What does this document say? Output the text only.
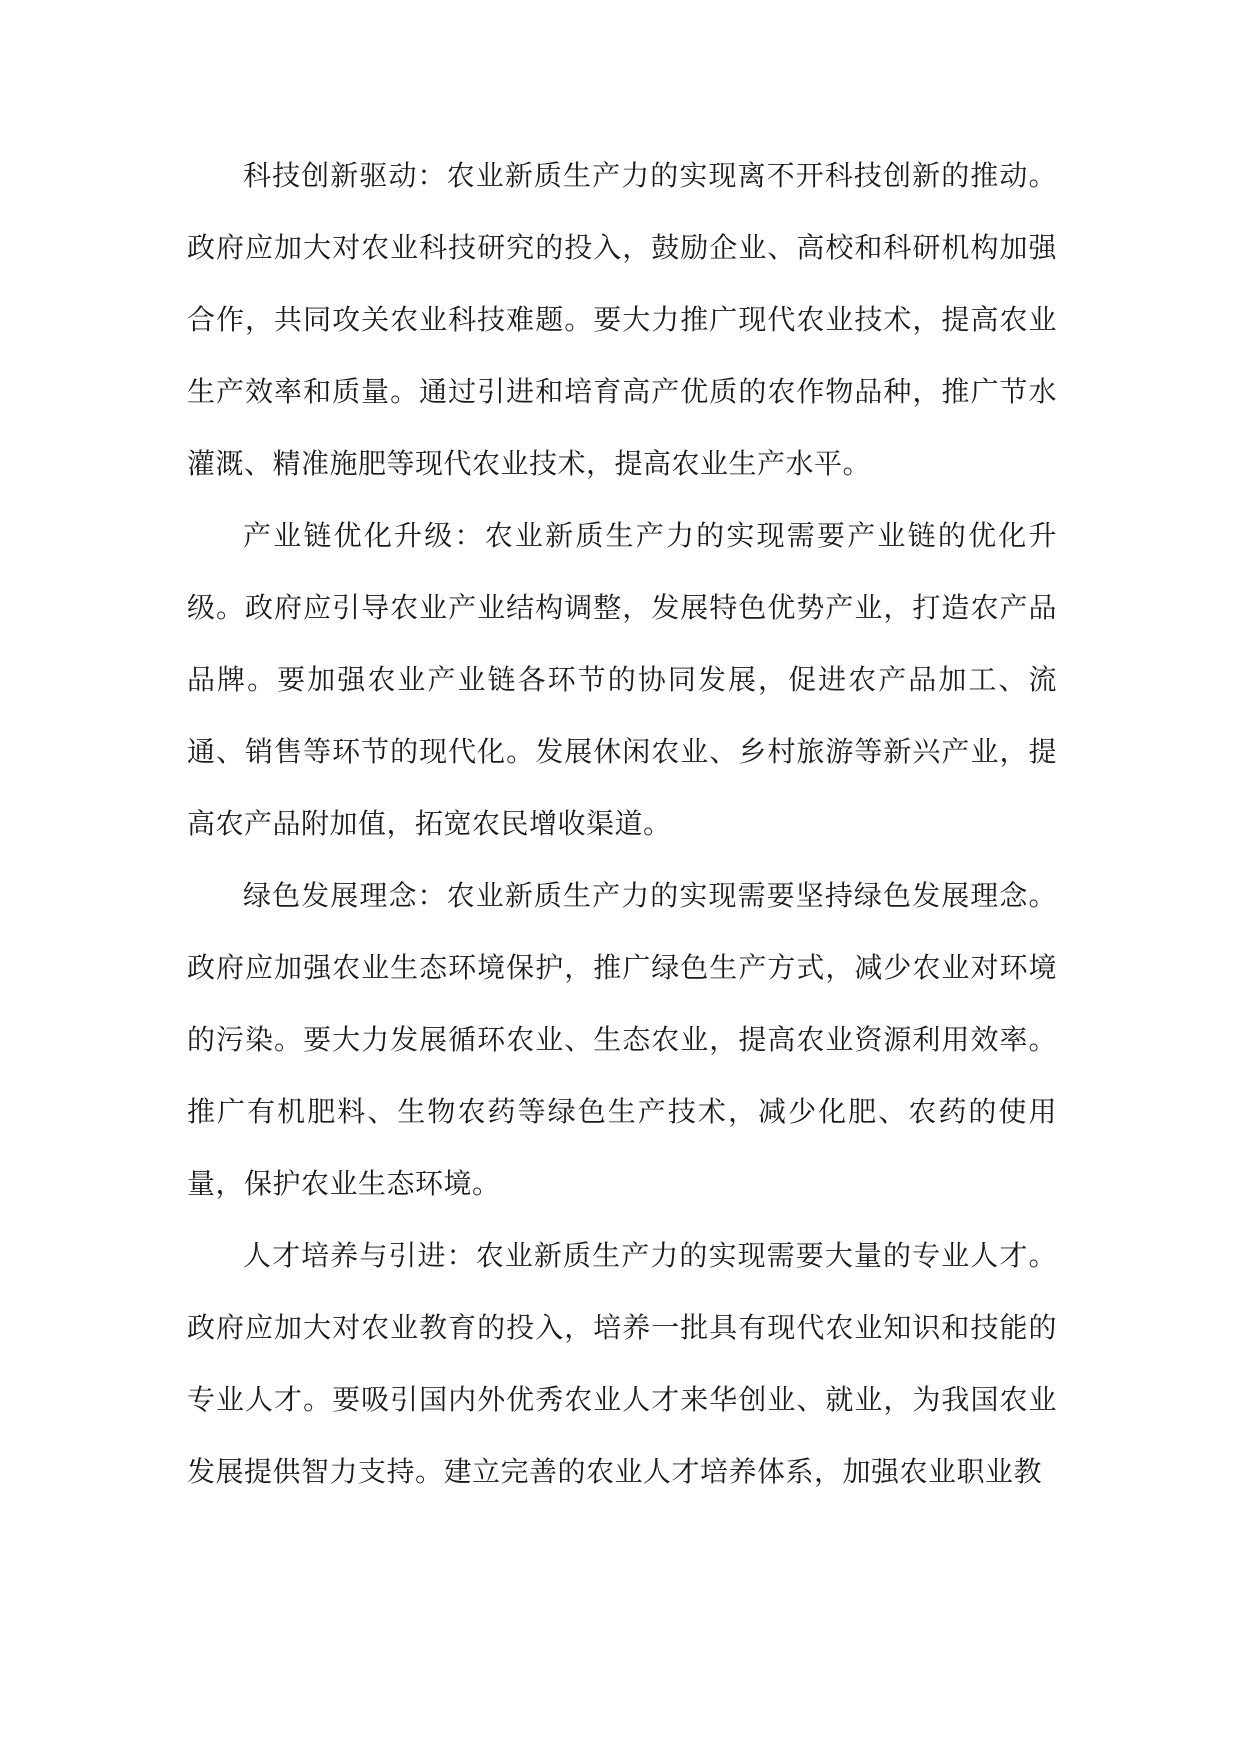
科技创新驱动：农业新质生产力的实现离不开科技创新的推动。政府应加大对农业科技研究的投入，鼓励企业、高校和科研机构加强合作，共同攻关农业科技难题。要大力推广现代农业技术，提高农业生产效率和质量。通过引进和培育高产优质的农作物品种，推广节水灌溉、精准施肥等现代农业技术，提高农业生产水平。

产业链优化升级：农业新质生产力的实现需要产业链的优化升级。政府应引导农业产业结构调整，发展特色优势产业，打造农产品品牌。要加强农业产业链各环节的协同发展，促进农产品加工、流通、销售等环节的现代化。发展休闲农业、乡村旅游等新兴产业，提高农产品附加值，拓宽农民增收渠道。

绿色发展理念：农业新质生产力的实现需要坚持绿色发展理念。政府应加强农业生态环境保护，推广绿色生产方式，减少农业对环境的污染。要大力发展循环农业、生态农业，提高农业资源利用效率。推广有机肥料、生物农药等绿色生产技术，减少化肥、农药的使用量，保护农业生态环境。

人才培养与引进：农业新质生产力的实现需要大量的专业人才。政府应加大对农业教育的投入，培养一批具有现代农业知识和技能的专业人才。要吸引国内外优秀农业人才来华创业、就业，为我国农业发展提供智力支持。建立完善的农业人才培养体系，加强农业职业教
